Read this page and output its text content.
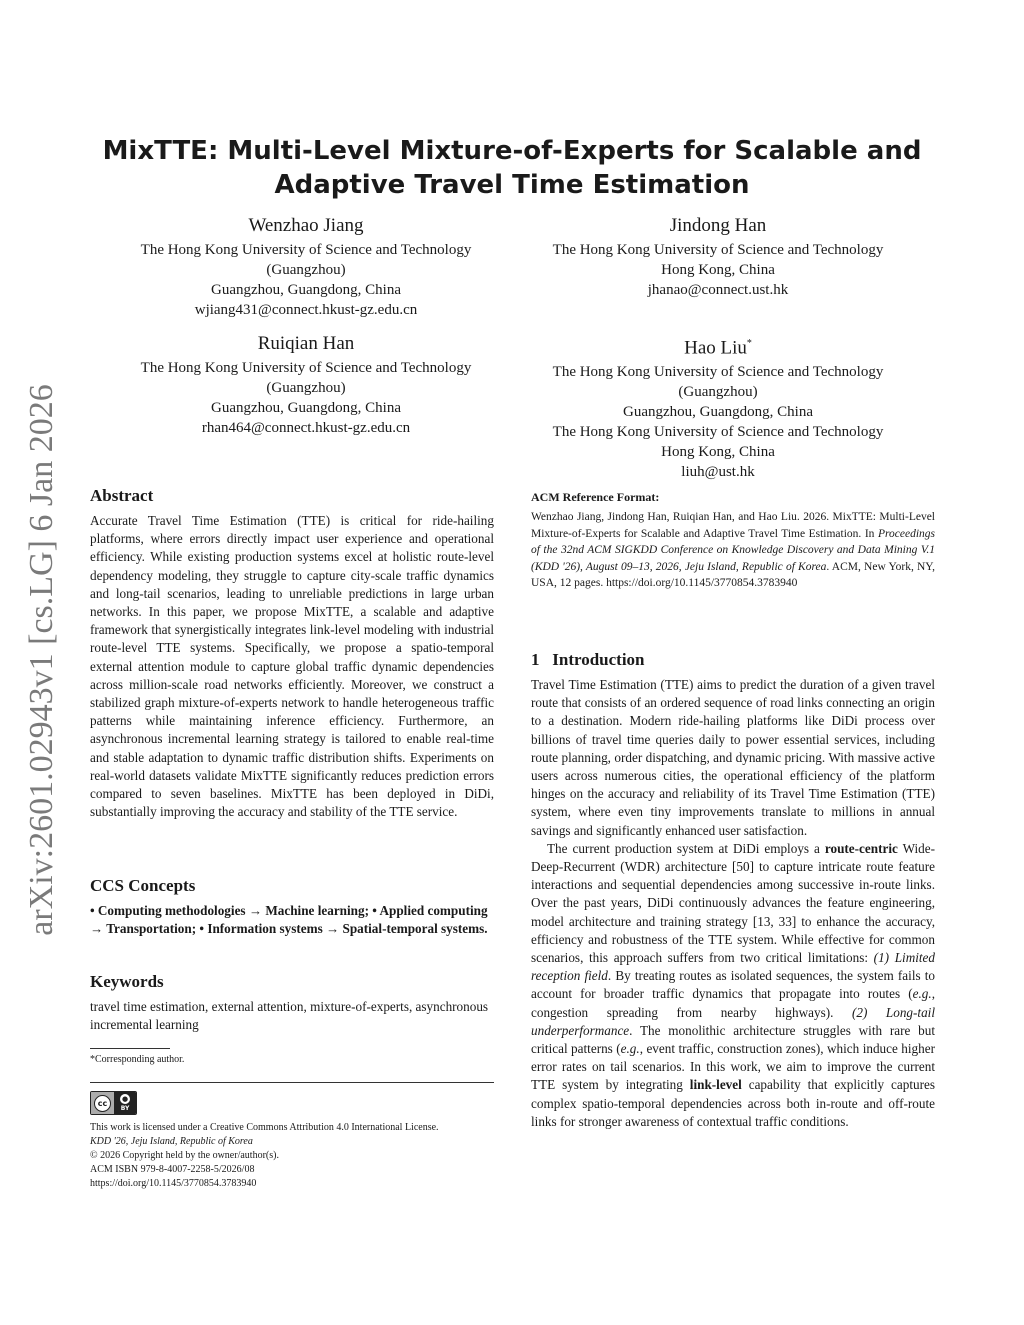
arXiv:2601.02943v1 [cs.LG] 6 Jan 2026
MixTTE: Multi-Level Mixture-of-Experts for Scalable and
Adaptive Travel Time Estimation
Wenzhao Jiang
The Hong Kong University of Science and Technology
(Guangzhou)
Guangzhou, Guangdong, China
wjiang431@connect.hkust-gz.edu.cn
Jindong Han
The Hong Kong University of Science and Technology
Hong Kong, China
jhanao@connect.ust.hk
Ruiqian Han
The Hong Kong University of Science and Technology
(Guangzhou)
Guangzhou, Guangdong, China
rhan464@connect.hkust-gz.edu.cn
Hao Liu*
The Hong Kong University of Science and Technology
(Guangzhou)
Guangzhou, Guangdong, China
The Hong Kong University of Science and Technology
Hong Kong, China
liuh@ust.hk
Abstract

Accurate Travel Time Estimation (TTE) is critical for ride-hailing platforms, where errors directly impact user experience and operational efficiency. While existing production systems excel at holistic route-level dependency modeling, they struggle to capture city-scale traffic dynamics and long-tail scenarios, leading to unreliable predictions in large urban networks. In this paper, we propose MixTTE, a scalable and adaptive framework that synergistically integrates link-level modeling with industrial route-level TTE systems. Specifically, we propose a spatio-temporal external attention module to capture global traffic dynamic dependencies across million-scale road networks efficiently. Moreover, we construct a stabilized graph mixture-of-experts network to handle heterogeneous traffic patterns while maintaining inference efficiency. Furthermore, an asynchronous incremental learning strategy is tailored to enable real-time and stable adaptation to dynamic traffic distribution shifts. Experiments on real-world datasets validate MixTTE significantly reduces prediction errors compared to seven baselines. MixTTE has been deployed in DiDi, substantially improving the accuracy and stability of the TTE service.

CCS Concepts

• Computing methodologies → Machine learning; • Applied computing → Transportation; • Information systems → Spatial-temporal systems.

Keywords

travel time estimation, external attention, mixture-of-experts, asynchronous incremental learning

*Corresponding author.
cc	●
BY
This work is licensed under a Creative Commons Attribution 4.0 International License.
KDD '26, Jeju Island, Republic of Korea
© 2026 Copyright held by the owner/author(s).
ACM ISBN 979-8-4007-2258-5/2026/08
https://doi.org/10.1145/3770854.3783940
ACM Reference Format:

Wenzhao Jiang, Jindong Han, Ruiqian Han, and Hao Liu. 2026. MixTTE: Multi-Level Mixture-of-Experts for Scalable and Adaptive Travel Time Estimation. In Proceedings of the 32nd ACM SIGKDD Conference on Knowledge Discovery and Data Mining V.1 (KDD '26), August 09–13, 2026, Jeju Island, Republic of Korea. ACM, New York, NY, USA, 12 pages. https://doi.org/10.1145/3770854.3783940

1   Introduction

Travel Time Estimation (TTE) aims to predict the duration of a given travel route that consists of an ordered sequence of road links connecting an origin to a destination. Modern ride-hailing platforms like DiDi process over billions of travel time queries daily to power essential services, including route planning, order dispatching, and dynamic pricing. With massive active users across numerous cities, the operational efficiency of the platform hinges on the accuracy and reliability of its Travel Time Estimation (TTE) system, where even tiny improvements translate to millions in annual savings and significantly enhanced user satisfaction.

The current production system at DiDi employs a route-centric Wide-Deep-Recurrent (WDR) architecture [50] to capture intricate route feature interactions and sequential dependencies among successive in-route links. Over the past years, DiDi continuously advances the feature engineering, model architecture and training strategy [13, 33] to enhance the accuracy, efficiency and robustness of the TTE system. While effective for common scenarios, this approach suffers from two critical limitations: (1) Limited reception field. By treating routes as isolated sequences, the system fails to account for broader traffic dynamics that propagate into routes (e.g., congestion spreading from nearby highways). (2) Long-tail underperformance. The monolithic architecture struggles with rare but critical patterns (e.g., event traffic, construction zones), which induce higher error rates on tail scenarios. In this work, we aim to improve the current TTE system by integrating link-level capability that explicitly captures complex spatio-temporal dependencies across both in-route and off-route links for stronger awareness of contextual traffic conditions.
